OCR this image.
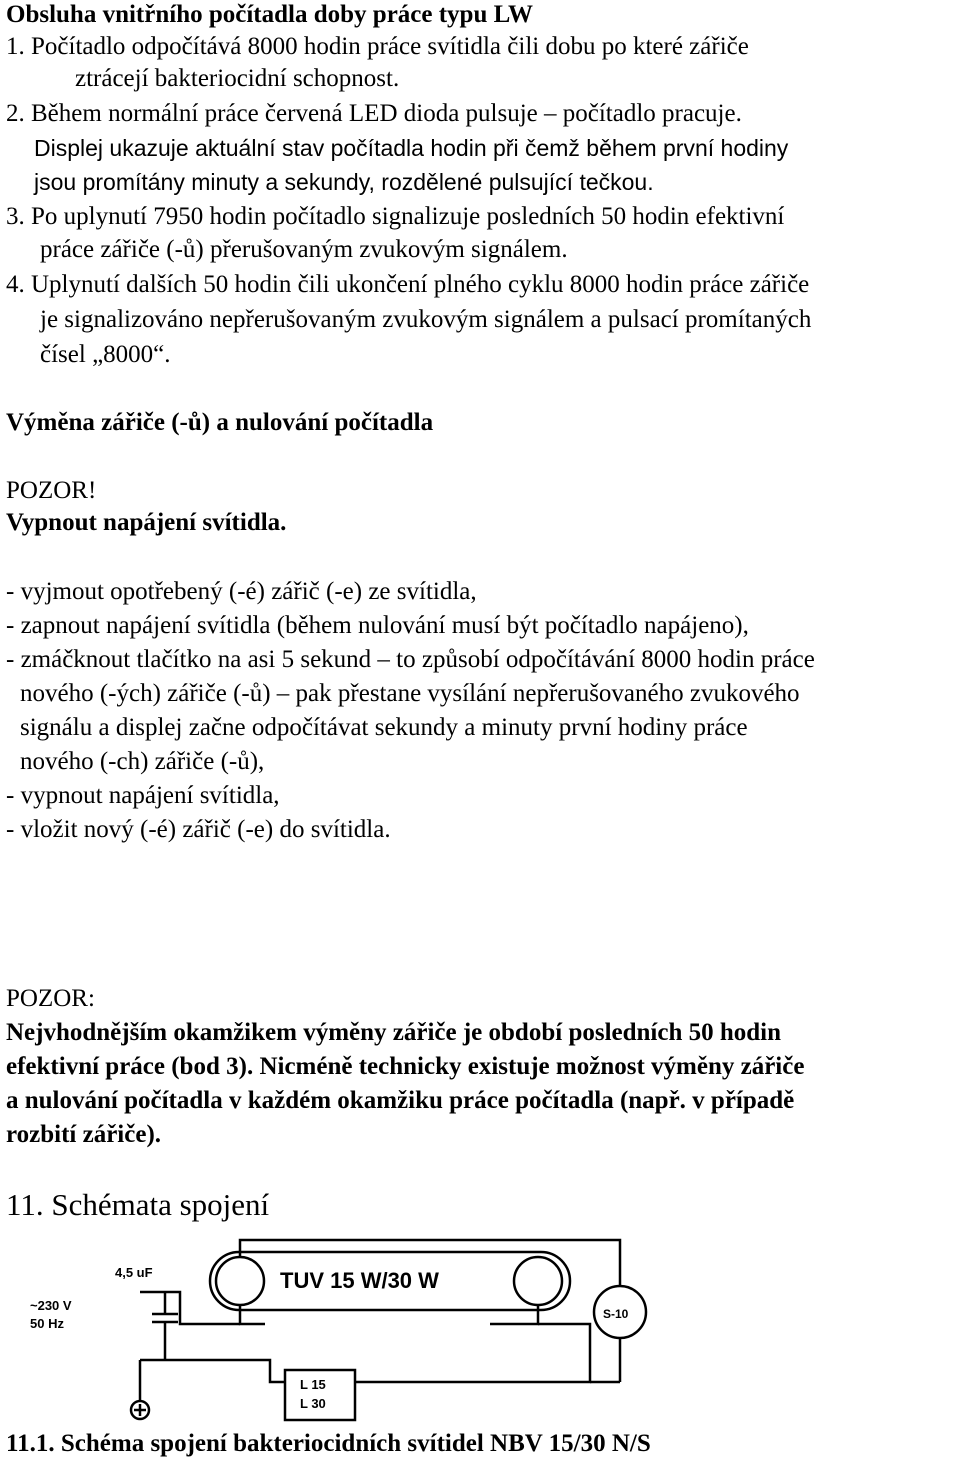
Obsluha vnitřního počítadla doby práce typu LW
1. Počítadlo odpočítává 8000 hodin práce svítidla čili dobu po které zářiče
ztrácejí bakteriocidní schopnost.
2. Během normální práce červená LED dioda pulsuje – počítadlo pracuje.
Displej ukazuje aktuální stav počítadla hodin při čemž během první hodiny
jsou promítány minuty a sekundy, rozdělené pulsující tečkou.
3. Po uplynutí 7950 hodin počítadlo signalizuje posledních 50 hodin efektivní
práce zářiče (-ů) přerušovaným zvukovým signálem.
4. Uplynutí dalších 50 hodin čili ukončení plného cyklu 8000 hodin práce zářiče
je signalizováno nepřerušovaným zvukovým signálem a pulsací promítaných
čísel „8000“.
Výměna zářiče (-ů) a nulování počítadla
POZOR!
Vypnout napájení svítidla.
- vyjmout opotřebený (-é) zářič (-e) ze svítidla,
- zapnout napájení svítidla (během nulování musí být počítadlo napájeno),
- zmáčknout tlačítko na asi 5 sekund – to způsobí odpočítávání 8000 hodin práce
nového (-ých) zářiče (-ů) – pak přestane vysílání nepřerušovaného zvukového
signálu a displej začne odpočítávat sekundy a minuty první hodiny práce
nového (-ch) zářiče (-ů),
- vypnout napájení svítidla,
- vložit nový (-é) zářič (-e) do svítidla.
POZOR:
Nejvhodnějším okamžikem výměny zářiče je období posledních 50 hodin
efektivní práce (bod 3). Nicméně technicky existuje možnost výměny zářiče
a nulování počítadla v každém okamžiku práce počítadla (např. v případě
rozbití zářiče).
11. Schémata spojení
4,5 uF	TUV 15 W/30 W
~230 V
50 Hz
S-10
L 15
L 30
11.1. Schéma spojení bakteriocidních svítidel NBV 15/30 N/S
